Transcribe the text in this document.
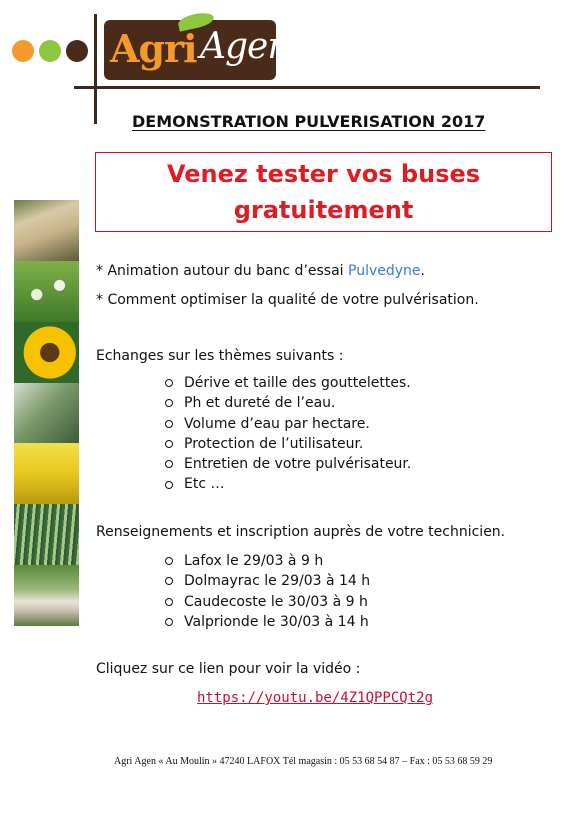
Agri Agen
DEMONSTRATION PULVERISATION 2017
Venez tester vos buses
gratuitement
* Animation autour du banc d’essai Pulvedyne.
* Comment optimiser la qualité de votre pulvérisation.
Echanges sur les thèmes suivants :
Dérive et taille des gouttelettes.
Ph et dureté de l’eau.
Volume d’eau par hectare.
Protection de l’utilisateur.
Entretien de votre pulvérisateur.
Etc …
Renseignements et inscription auprès de votre technicien.
Lafox le 29/03 à 9 h
Dolmayrac le 29/03 à 14 h
Caudecoste le 30/03 à 9 h
Valprionde le 30/03 à 14 h
Cliquez sur ce lien pour voir la vidéo :
https://youtu.be/4Z1QPPCQt2g
Agri Agen « Au Moulin » 47240 LAFOX Tél magasin : 05 53 68 54 87 – Fax : 05 53 68 59 29
